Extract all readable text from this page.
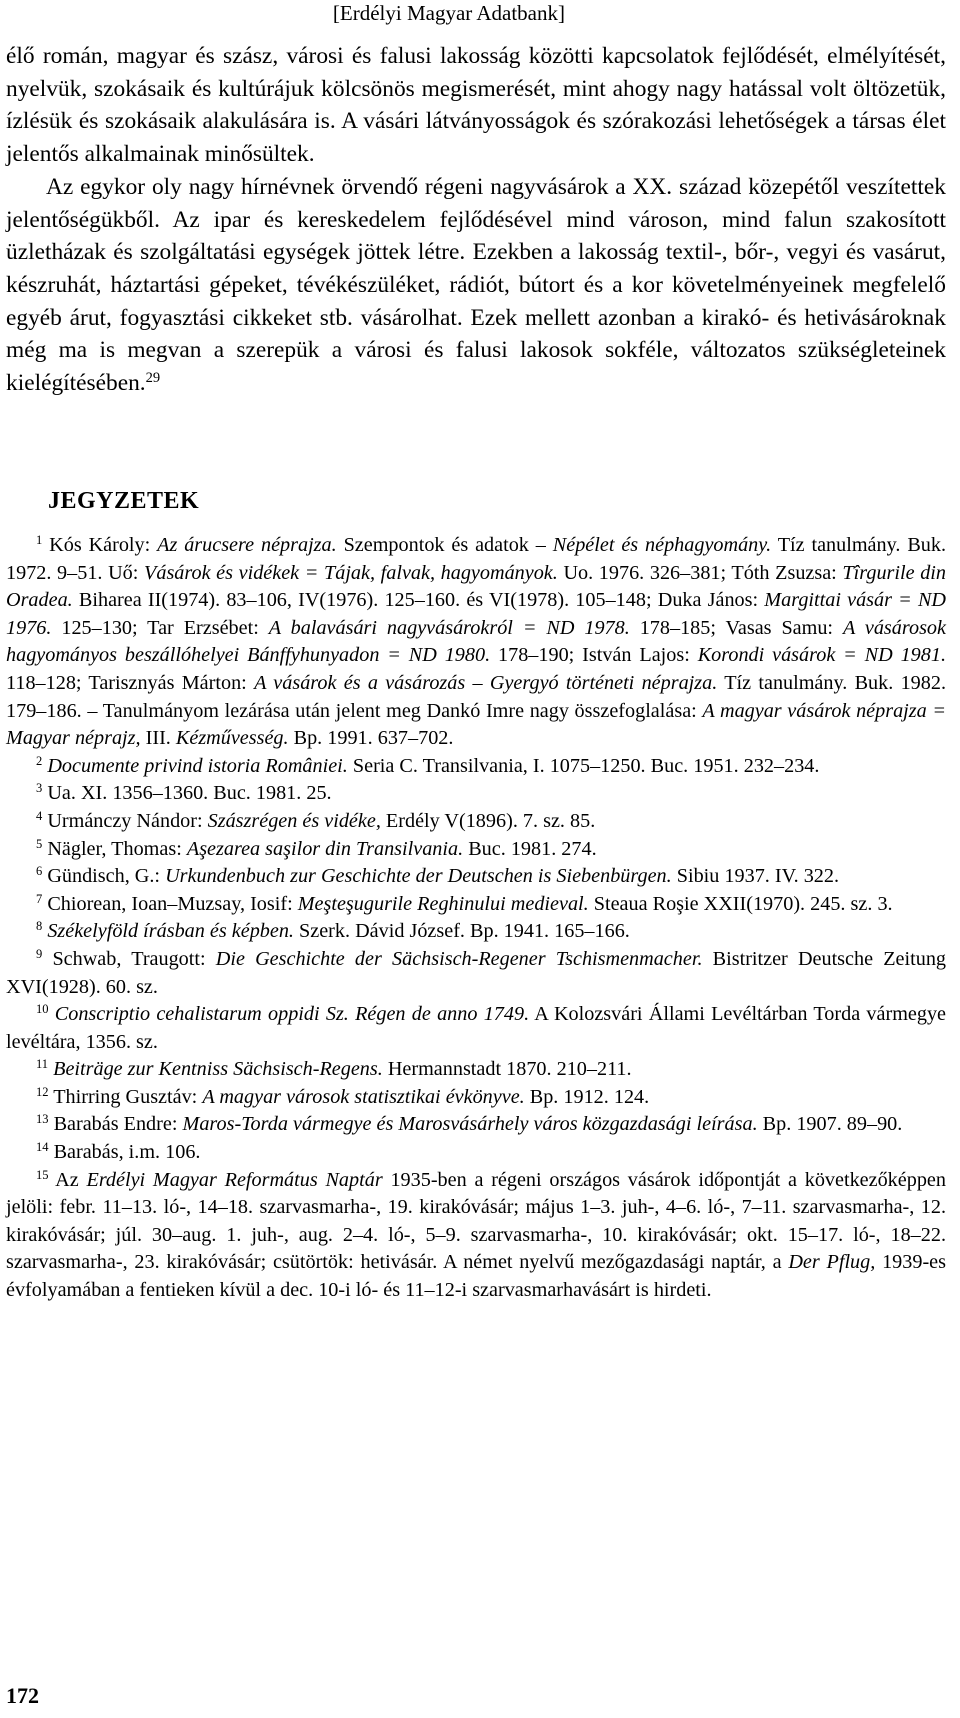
[Erdélyi Magyar Adatbank]

élő román, magyar és szász, városi és falusi lakosság közötti kapcsolatok fejlődését, elmélyítését, nyelvük, szokásaik és kultúrájuk kölcsönös megismerését, mint ahogy nagy hatással volt öltözetük, ízlésük és szokásaik alakulására is. A vásári látványosságok és szórakozási lehetőségek a társas élet jelentős alkalmainak minősültek.

Az egykor oly nagy hírnévnek örvendő régeni nagyvásárok a XX. század közepétől veszítettek jelentőségükből. Az ipar és kereskedelem fejlődésével mind városon, mind falun szakosított üzletházak és szolgáltatási egységek jöttek létre. Ezekben a lakosság textil-, bőr-, vegyi és vasárut, készruhát, háztartási gépeket, tévékészüléket, rádiót, bútort és a kor követelményeinek megfelelő egyéb árut, fogyasztási cikkeket stb. vásárolhat. Ezek mellett azonban a kirakó- és hetivásároknak még ma is megvan a szerepük a városi és falusi lakosok sokféle, változatos szükségleteinek kielégítésében.$^{29}$

JEGYZETEK

$^1$ Kós Károly: Az árucsere néprajza. Szempontok és adatok – Népélet és néphagyomány. Tíz tanulmány. Buk. 1972. 9–51. Uő: Vásárok és vidékek = Tájak, falvak, hagyományok. Uo. 1976. 326–381; Tóth Zsuzsa: Tîrgurile din Oradea. Biharea II(1974). 83–106, IV(1976). 125–160. és VI(1978). 105–148; Duka János: Margittai vásár = ND 1976. 125–130; Tar Erzsébet: A balavásári nagyvásárokról = ND 1978. 178–185; Vasas Samu: A vásárosok hagyományos beszállóhelyei Bánffyhunyadon = ND 1980. 178–190; István Lajos: Korondi vásárok = ND 1981. 118–128; Tarisznyás Márton: A vásárok és a vásározás – Gyergyó történeti néprajza. Tíz tanulmány. Buk. 1982. 179–186. – Tanulmányom lezárása után jelent meg Dankó Imre nagy összefoglalása: A magyar vásárok néprajza = Magyar néprajz, III. Kézművesség. Bp. 1991. 637–702.

$^2$ Documente privind istoria României. Seria C. Transilvania, I. 1075–1250. Buc. 1951. 232–234.

$^3$ Ua. XI. 1356–1360. Buc. 1981. 25.

$^4$ Urmánczy Nándor: Szászrégen és vidéke, Erdély V(1896). 7. sz. 85.

$^5$ Nägler, Thomas: Aşezarea saşilor din Transilvania. Buc. 1981. 274.

$^6$ Gündisch, G.: Urkundenbuch zur Geschichte der Deutschen is Siebenbürgen. Sibiu 1937. IV. 322.

$^7$ Chiorean, Ioan–Muzsay, Iosif: Meşteşugurile Reghinului medieval. Steaua Roşie XXII(1970). 245. sz. 3.

$^8$ Székelyföld írásban és képben. Szerk. Dávid József. Bp. 1941. 165–166.

$^9$ Schwab, Traugott: Die Geschichte der Sächsisch-Regener Tschismenmacher. Bistritzer Deutsche Zeitung XVI(1928). 60. sz.

$^{10}$ Conscriptio cehalistarum oppidi Sz. Régen de anno 1749. A Kolozsvári Állami Levéltárban Torda vármegye levéltára, 1356. sz.

$^{11}$ Beiträge zur Kentniss Sächsisch-Regens. Hermannstadt 1870. 210–211.

$^{12}$ Thirring Gusztáv: A magyar városok statisztikai évkönyve. Bp. 1912. 124.

$^{13}$ Barabás Endre: Maros-Torda vármegye és Marosvásárhely város közgazdasági leírása. Bp. 1907. 89–90.

$^{14}$ Barabás, i.m. 106.

$^{15}$ Az Erdélyi Magyar Református Naptár 1935-ben a régeni országos vásárok időpontját a következőképpen jelöli: febr. 11–13. ló-, 14–18. szarvasmarha-, 19. kirakóvásár; május 1–3. juh-, 4–6. ló-, 7–11. szarvasmarha-, 12. kirakóvásár; júl. 30–aug. 1. juh-, aug. 2–4. ló-, 5–9. szarvasmarha-, 10. kirakóvásár; okt. 15–17. ló-, 18–22. szarvasmarha-, 23. kirakóvásár; csütörtök: hetivásár. A német nyelvű mezőgazdasági naptár, a Der Pflug, 1939-es évfolyamában a fentieken kívül a dec. 10-i ló- és 11–12-i szarvasmarhavásárt is hirdeti.

172
